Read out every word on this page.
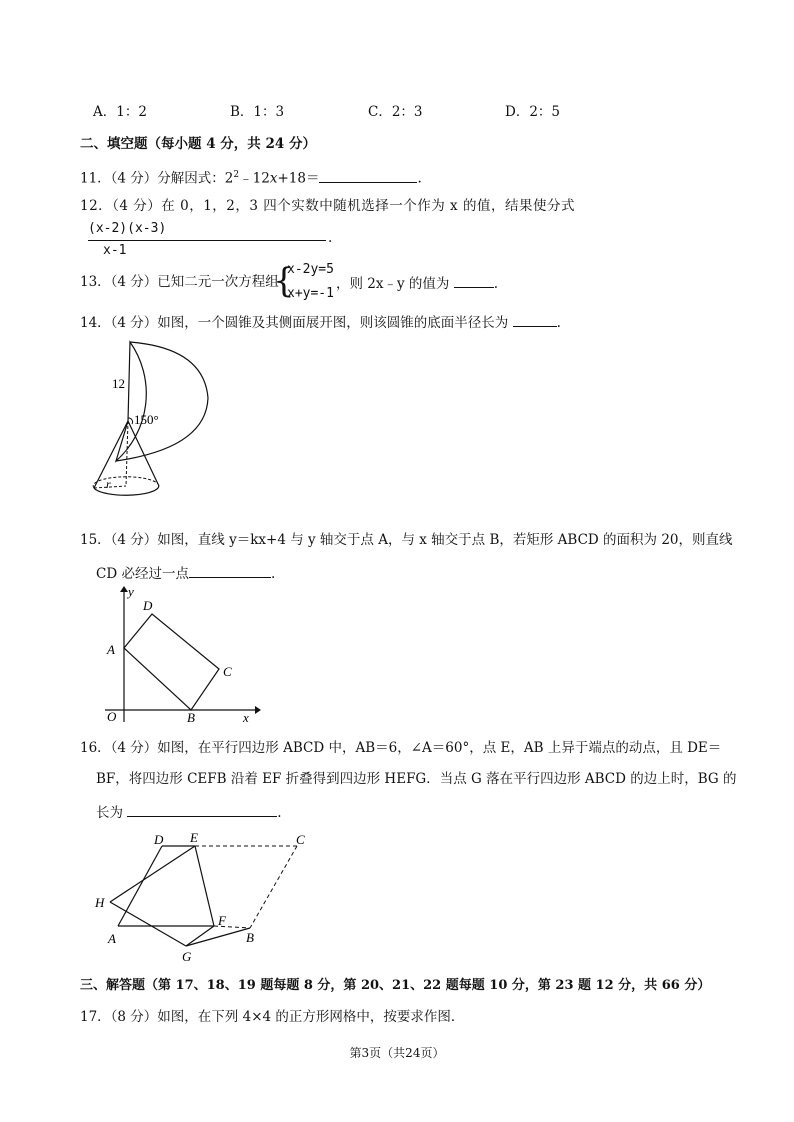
A．1：2	B．1：3	C．2：3	D．2：5
二、填空题（每小题 4 分，共 24 分）
11．（4 分）分解因式：$2^2﹣12x+18=$	.
12．（4 分）在 0，1，2，3 四个实数中随机选择一个作为 x 的值，结果使分式
(x-2)(x-3)
x-1
.
13．（4 分）已知二元一次方程组
{
x-2y=5
x+y=-1
，则 2x﹣y 的值为	.
14．（4 分）如图，一个圆锥及其侧面展开图，则该圆锥的底面半径长为	.
12
150°
r
15．（4 分）如图，直线 y＝kx+4 与 y 轴交于点 A，与 x 轴交于点 B，若矩形 ABCD 的面积为 20，则直线
CD 必经过一点	.
y
x
O
A
B
C
D
16．（4 分）如图，在平行四边形 ABCD 中，AB＝6，∠A＝60°，点 E，AB 上异于端点的动点，且 DE＝
BF，将四边形 CEFB 沿着 EF 折叠得到四边形 HEFG．当点 G 落在平行四边形 ABCD 的边上时，BG 的
长为	.
D E	C
H
F
A	B
G
三、解答题（第 17、18、19 题每题 8 分，第 20、21、22 题每题 10 分，第 23 题 12 分，共 66 分）
17．（8 分）如图，在下列 4×4 的正方形网格中，按要求作图．
第3页（共24页）
